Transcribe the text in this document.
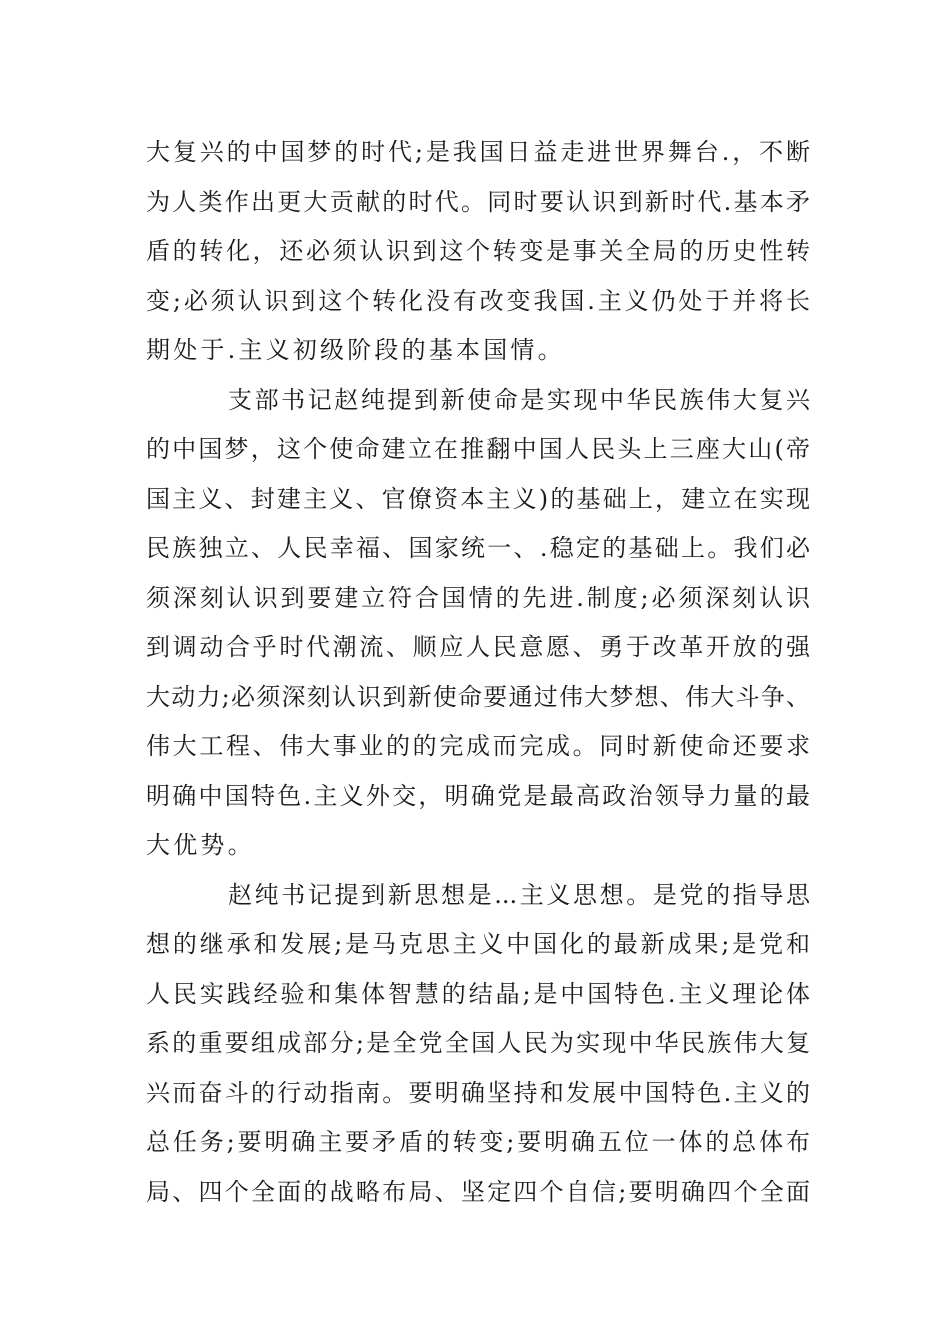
大复兴的中国梦的时代;是我国日益走进世界舞台.，不断
为人类作出更大贡献的时代。同时要认识到新时代.基本矛
盾的转化，还必须认识到这个转变是事关全局的历史性转
变;必须认识到这个转化没有改变我国.主义仍处于并将长
期处于.主义初级阶段的基本国情。
支部书记赵纯提到新使命是实现中华民族伟大复兴
的中国梦，这个使命建立在推翻中国人民头上三座大山(帝
国主义、封建主义、官僚资本主义)的基础上，建立在实现
民族独立、人民幸福、国家统一、.稳定的基础上。我们必
须深刻认识到要建立符合国情的先进.制度;必须深刻认识
到调动合乎时代潮流、顺应人民意愿、勇于改革开放的强
大动力;必须深刻认识到新使命要通过伟大梦想、伟大斗争、
伟大工程、伟大事业的的完成而完成。同时新使命还要求
明确中国特色.主义外交，明确党是最高政治领导力量的最
大优势。
赵纯书记提到新思想是...主义思想。是党的指导思
想的继承和发展;是马克思主义中国化的最新成果;是党和
人民实践经验和集体智慧的结晶;是中国特色.主义理论体
系的重要组成部分;是全党全国人民为实现中华民族伟大复
兴而奋斗的行动指南。要明确坚持和发展中国特色.主义的
总任务;要明确主要矛盾的转变;要明确五位一体的总体布
局、四个全面的战略布局、坚定四个自信;要明确四个全面
